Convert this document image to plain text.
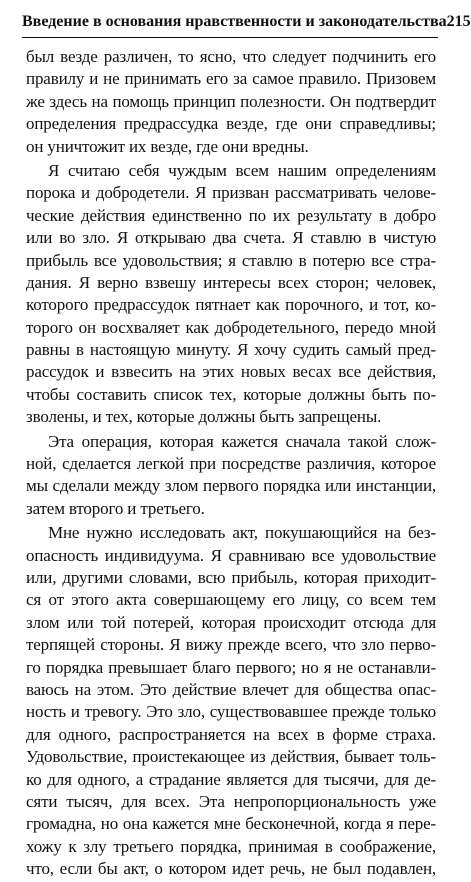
Введение в основания нравственности и законодательства 215
был везде различен, то ясно, что следует подчинить его
правилу и не принимать его за самое правило. Призовем
же здесь на помощь принцип полезности. Он подтвердит
определения предрассудка везде, где они справедливы;
он уничтожит их везде, где они вредны.
Я считаю себя чуждым всем нашим определениям
порока и добродетели. Я призван рассматривать челове-
ческие действия единственно по их результату в добро
или во зло. Я открываю два счета. Я ставлю в чистую
прибыль все удовольствия; я ставлю в потерю все стра-
дания. Я верно взвешу интересы всех сторон; человек,
которого предрассудок пятнает как порочного, и тот, ко-
торого он восхваляет как добродетельного, передо мной
равны в настоящую минуту. Я хочу судить самый пред-
рассудок и взвесить на этих новых весах все действия,
чтобы составить список тех, которые должны быть по-
зволены, и тех, которые должны быть запрещены.
Эта операция, которая кажется сначала такой слож-
ной, сделается легкой при посредстве различия, которое
мы сделали между злом первого порядка или инстанции,
затем второго и третьего.
Мне нужно исследовать акт, покушающийся на без-
опасность индивидуума. Я сравниваю все удовольствие
или, другими словами, всю прибыль, которая приходит-
ся от этого акта совершающему его лицу, со всем тем
злом или той потерей, которая происходит отсюда для
терпящей стороны. Я вижу прежде всего, что зло перво-
го порядка превышает благо первого; но я не останавли-
ваюсь на этом. Это действие влечет для общества опас-
ность и тревогу. Это зло, существовавшее прежде только
для одного, распространяется на всех в форме страха.
Удовольствие, проистекающее из действия, бывает толь-
ко для одного, а страдание является для тысячи, для де-
сяти тысяч, для всех. Эта непропорциональность уже
громадна, но она кажется мне бесконечной, когда я пере-
хожу к злу третьего порядка, принимая в соображение,
что, если бы акт, о котором идет речь, не был подавлен,
